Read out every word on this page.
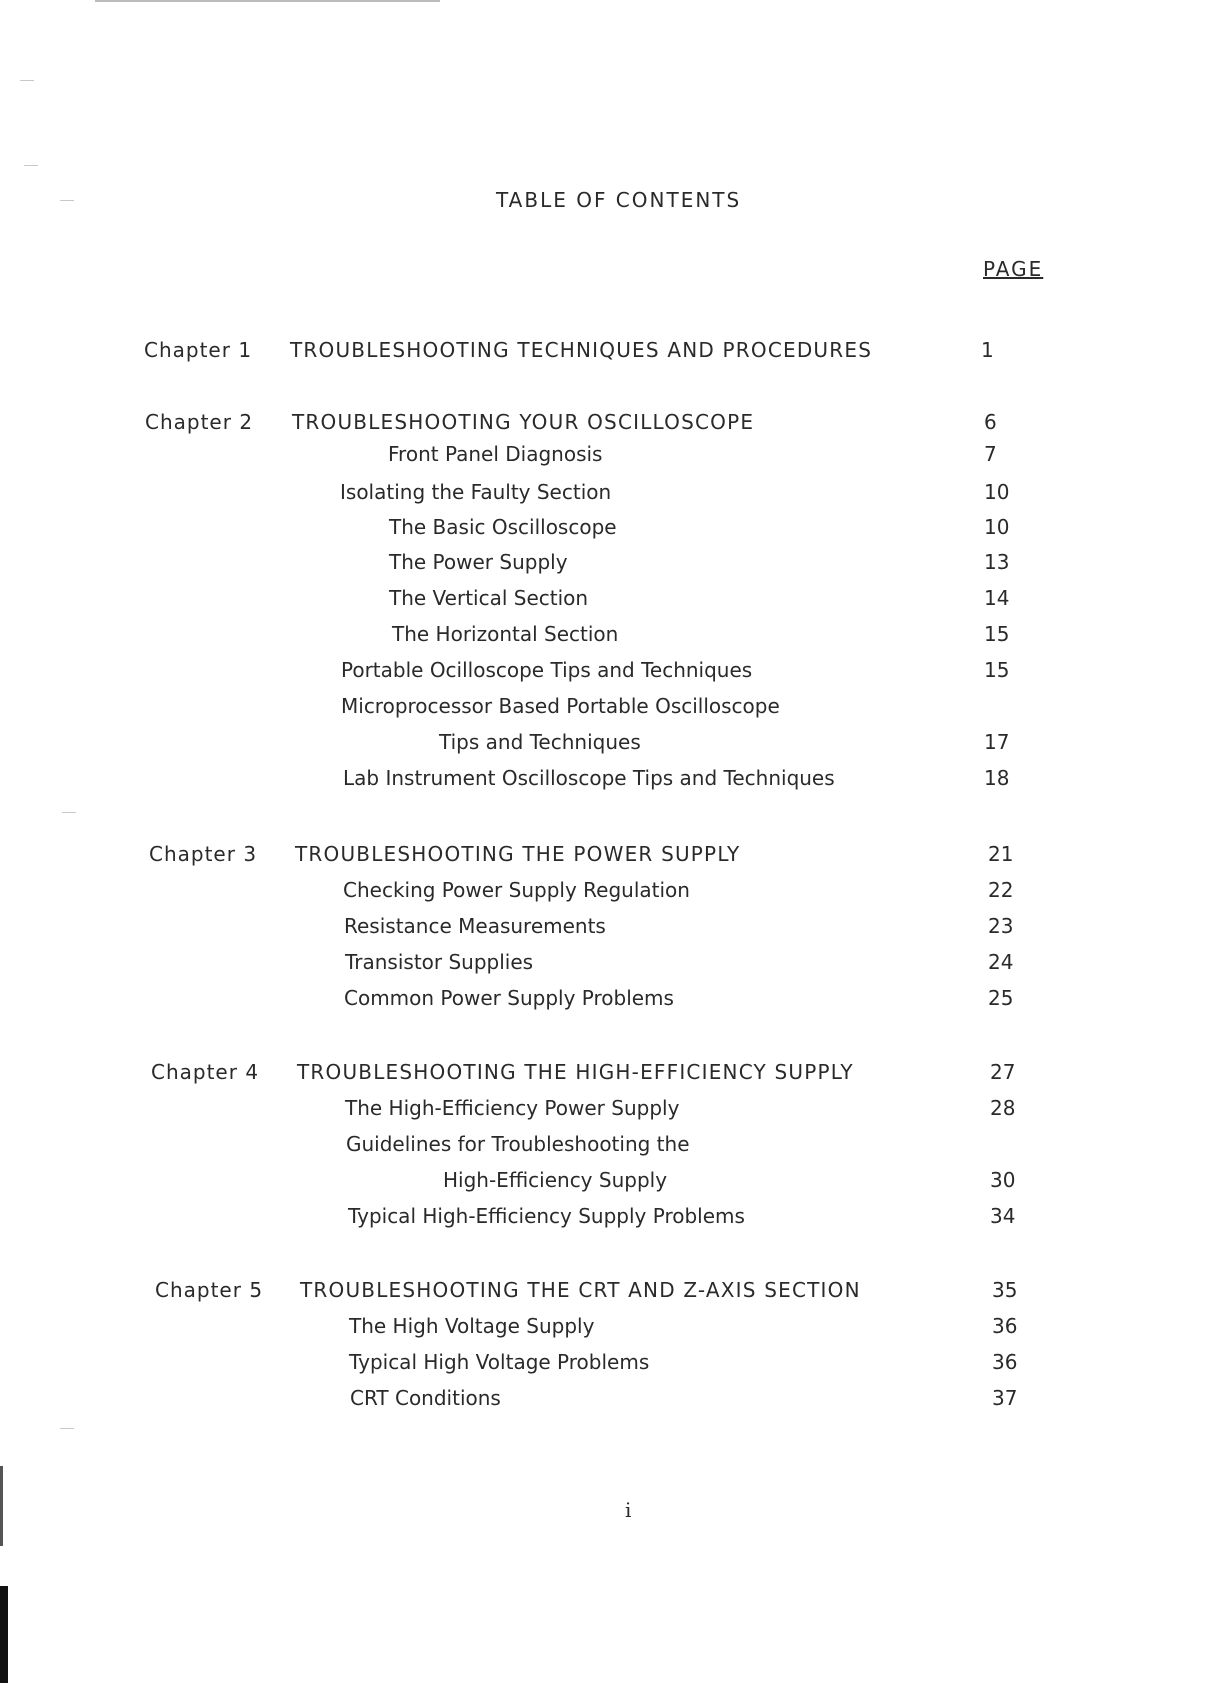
TABLE OF CONTENTS
PAGE
Chapter 1 TROUBLESHOOTING TECHNIQUES AND PROCEDURES	1
Chapter 2 TROUBLESHOOTING YOUR OSCILLOSCOPE	6
Front Panel Diagnosis	7
Isolating the Faulty Section	10
The Basic Oscilloscope	10
The Power Supply	13
The Vertical Section	14
The Horizontal Section	15
Portable Ocilloscope Tips and Techniques	15
Microprocessor Based Portable Oscilloscope
Tips and Techniques	17
Lab Instrument Oscilloscope Tips and Techniques	18
Chapter 3 TROUBLESHOOTING THE POWER SUPPLY	21
Checking Power Supply Regulation	22
Resistance Measurements	23
Transistor Supplies	24
Common Power Supply Problems	25
Chapter 4 TROUBLESHOOTING THE HIGH-EFFICIENCY SUPPLY	27
The High-Efficiency Power Supply	28
Guidelines for Troubleshooting the
High-Efficiency Supply	30
Typical High-Efficiency Supply Problems	34
Chapter 5 TROUBLESHOOTING THE CRT AND Z-AXIS SECTION	35
The High Voltage Supply	36
Typical High Voltage Problems	36
CRT Conditions	37
i
